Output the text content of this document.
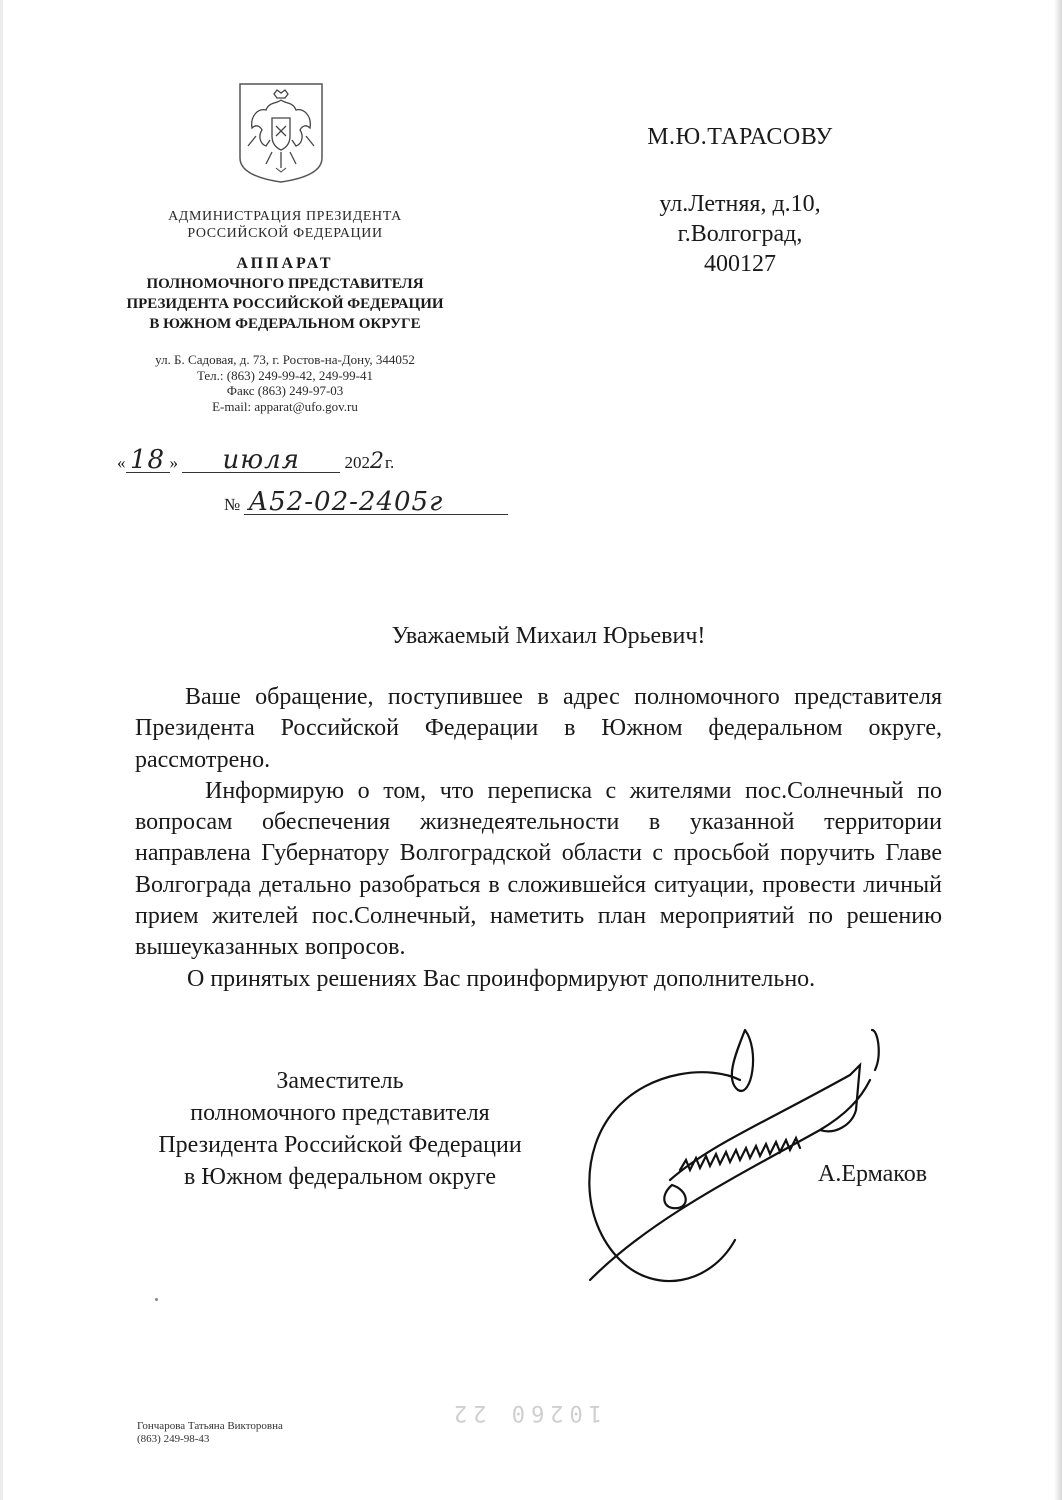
АДМИНИСТРАЦИЯ ПРЕЗИДЕНТА
РОССИЙСКОЙ ФЕДЕРАЦИИ
АППАРАТ
ПОЛНОМОЧНОГО ПРЕДСТАВИТЕЛЯ
ПРЕЗИДЕНТА РОССИЙСКОЙ ФЕДЕРАЦИИ
В ЮЖНОМ ФЕДЕРАЛЬНОМ ОКРУГЕ
ул. Б. Садовая, д. 73, г. Ростов-на-Дону, 344052
Тел.: (863) 249-99-42, 249-99-41
Факс (863) 249-97-03
E-mail: apparat@ufo.gov.ru
« 18 » июля	2022г.
№ А52-02-2405г
М.Ю.ТАРАСОВУ
ул.Летняя, д.10,
г.Волгоград,
400127
Уважаемый Михаил Юрьевич!

Ваше обращение, поступившее в адрес полномочного представителя Президента Российской Федерации в Южном федеральном округе, рассмотрено.

Информирую о том, что переписка с жителями пос.Солнечный по вопросам обеспечения жизнедеятельности в указанной территории направлена Губернатору Волгоградской области с просьбой поручить Главе Волгограда детально разобраться в сложившейся ситуации, провести личный прием жителей пос.Солнечный, наметить план мероприятий по решению вышеуказанных вопросов.

О принятых решениях Вас проинформируют дополнительно.

Заместитель
полномочного представителя
Президента Российской Федерации
в Южном федеральном округе	А.Ермаков
10260 22
Гончарова Татьяна Викторовна
(863) 249-98-43
